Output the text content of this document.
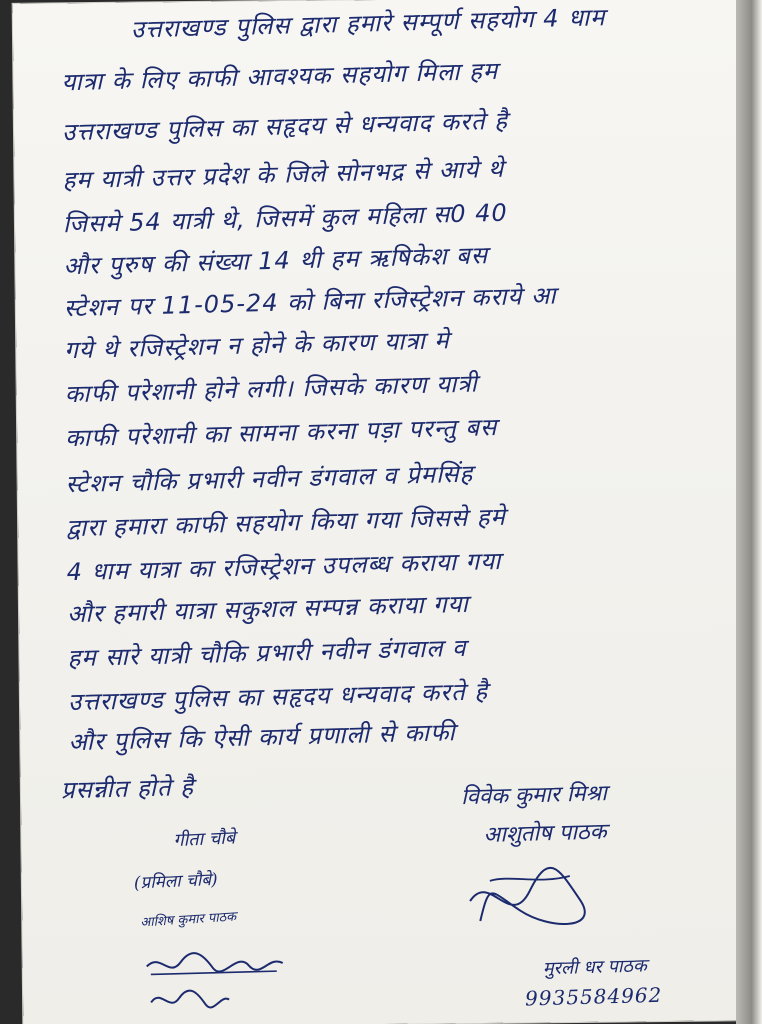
उत्तराखण्ड पुलिस द्वारा हमारे सम्पूर्ण सहयोग 4 धाम
यात्रा के लिए काफी आवश्यक सहयोग मिला हम
उत्तराखण्ड पुलिस का सहृदय से धन्यवाद करते है
हम यात्री उत्तर प्रदेश के जिले सोनभद्र से आये थे
जिसमे 54 यात्री थे, जिसमें कुल महिला स0 40
और पुरुष की संख्या 14 थी हम ऋषिकेश बस
स्टेशन पर 11-05-24 को बिना रजिस्ट्रेशन कराये आ
गये थे रजिस्ट्रेशन न होने के कारण यात्रा मे
काफी परेशानी होने लगी। जिसके कारण यात्री
काफी परेशानी का सामना करना पड़ा परन्तु बस
स्टेशन चौकि प्रभारी नवीन डंगवाल व प्रेमसिंह
द्वारा हमारा काफी सहयोग किया गया जिससे हमे
4 धाम यात्रा का रजिस्ट्रेशन उपलब्ध कराया गया
और हमारी यात्रा सकुशल सम्पन्न कराया गया
हम सारे यात्री चौकि प्रभारी नवीन डंगवाल व
उत्तराखण्ड पुलिस का सहृदय धन्यवाद करते है
और पुलिस कि ऐसी कार्य प्रणाली से काफी
प्रसन्नीत होते है	विवेक कुमार मिश्रा
आशुतोष पाठक
गीता चौबे
(प्रमिला चौबे)
आशिष कुमार पाठक
मुरली धर पाठक
9935584962
